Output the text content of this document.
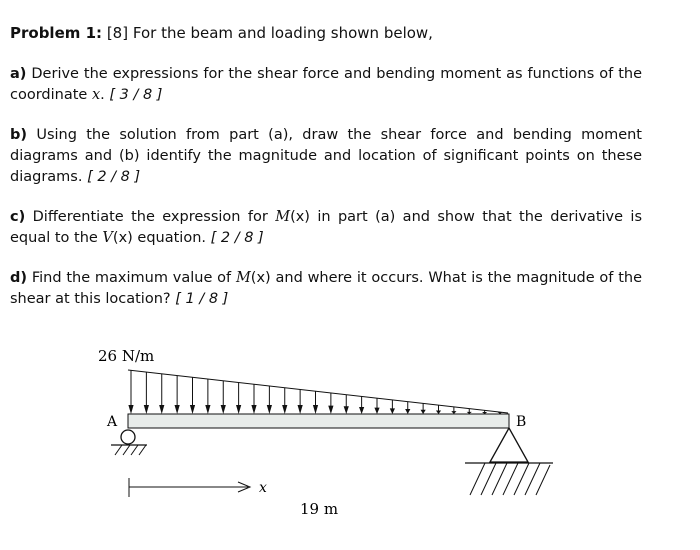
Problem 1: [8] For the beam and loading shown below,
a) Derive the expressions for the shear force and bending moment as functions of the coordinate x. [ 3 / 8 ]
b) Using the solution from part (a), draw the shear force and bending moment diagrams and (b) identify the magnitude and location of significant points on these diagrams. [ 2 / 8 ]
c) Differentiate the expression for M(x) in part (a) and show that the derivative is equal to the V(x) equation. [ 2 / 8 ]
d) Find the maximum value of M(x) and where it occurs. What is the magnitude of the shear at this location? [ 1 / 8 ]
26 N/m
A	B
x
19 m
